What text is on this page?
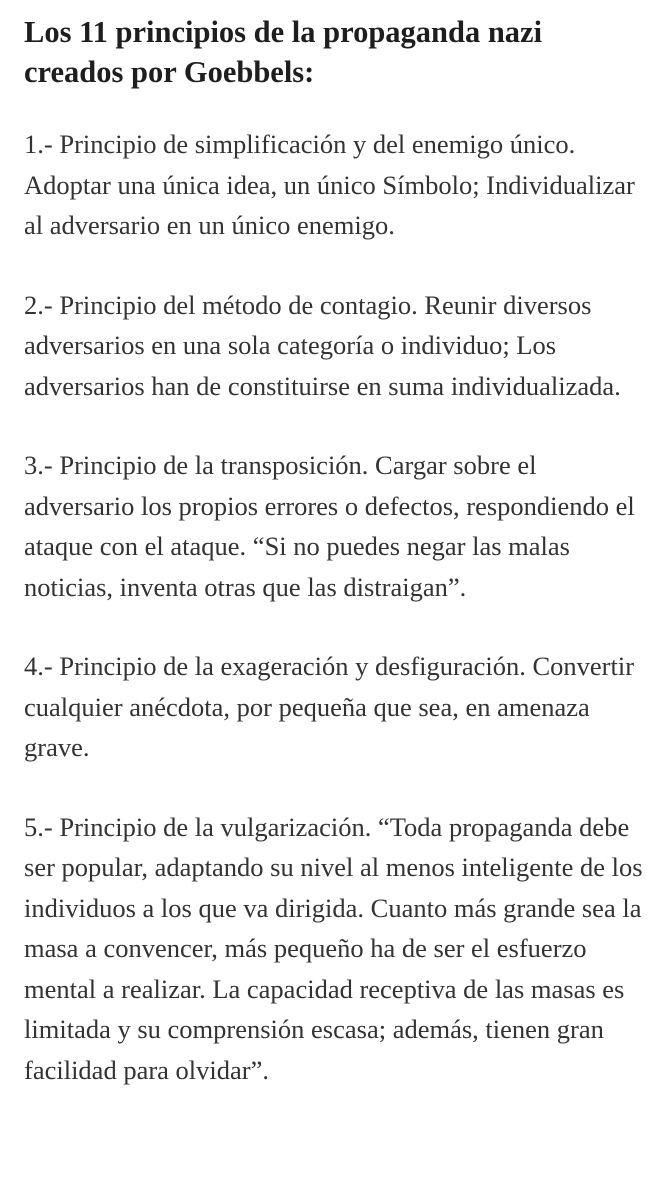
Los 11 principios de la propaganda nazi creados por Goebbels:

1.- Principio de simplificación y del enemigo único. Adoptar una única idea, un único Símbolo; Individualizar al adversario en un único enemigo.

2.- Principio del método de contagio. Reunir diversos adversarios en una sola categoría o individuo; Los adversarios han de constituirse en suma individualizada.

3.- Principio de la transposición. Cargar sobre el adversario los propios errores o defectos, respondiendo el ataque con el ataque. “Si no puedes negar las malas noticias, inventa otras que las distraigan”.

4.- Principio de la exageración y desfiguración. Convertir cualquier anécdota, por pequeña que sea, en amenaza grave.

5.- Principio de la vulgarización. “Toda propaganda debe ser popular, adaptando su nivel al menos inteligente de los individuos a los que va dirigida. Cuanto más grande sea la masa a convencer, más pequeño ha de ser el esfuerzo mental a realizar. La capacidad receptiva de las masas es limitada y su comprensión escasa; además, tienen gran facilidad para olvidar”.
